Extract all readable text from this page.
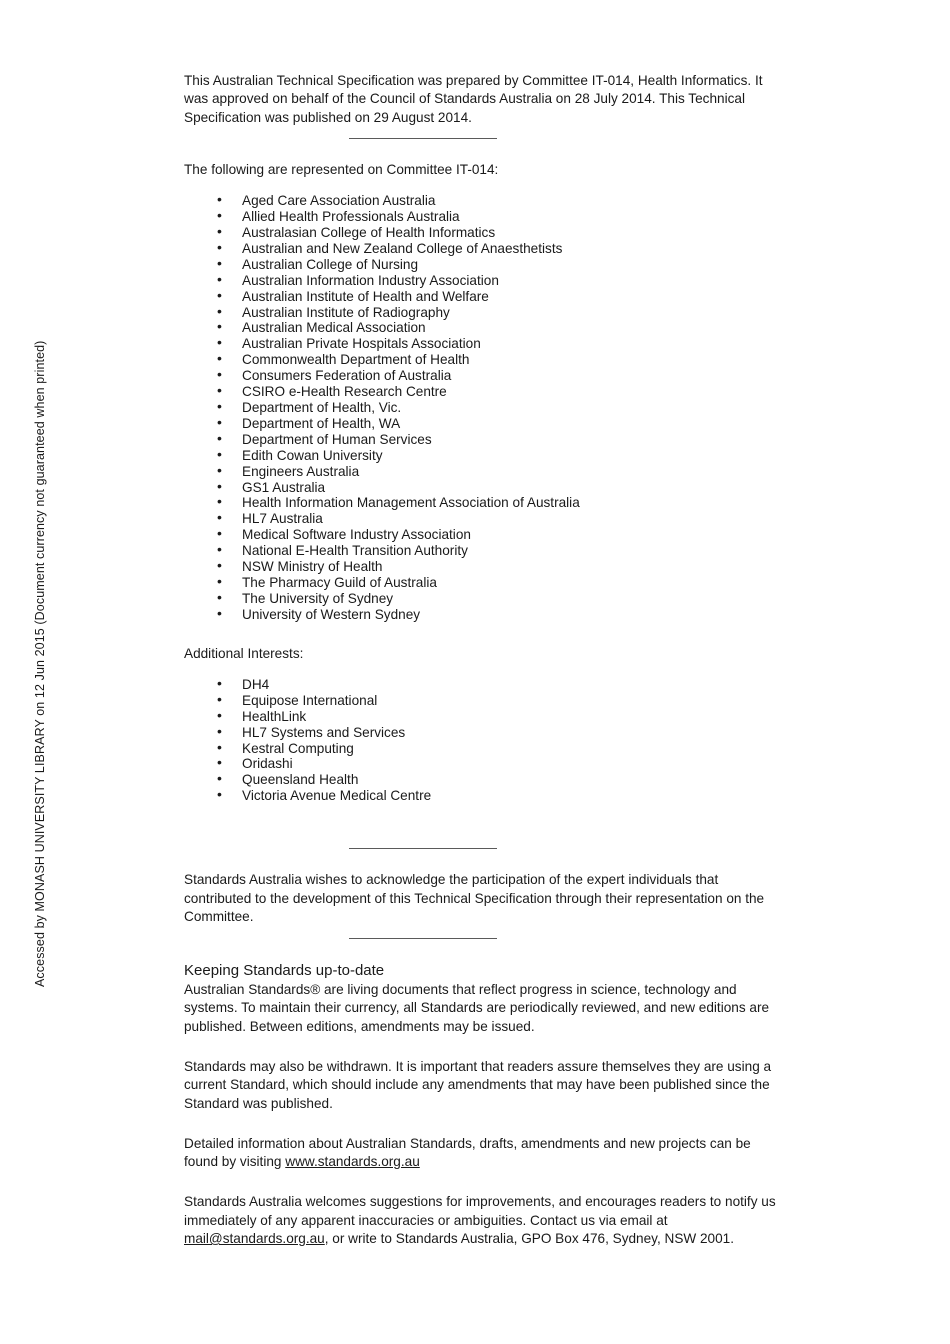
Accessed by MONASH UNIVERSITY LIBRARY on 12 Jun 2015 (Document currency not guaranteed when printed)

This Australian Technical Specification was prepared by Committee IT-014, Health Informatics. It was approved on behalf of the Council of Standards Australia on 28 July 2014. This Technical Specification was published on 29 August 2014.

The following are represented on Committee IT-014:

• Aged Care Association Australia
• Allied Health Professionals Australia
• Australasian College of Health Informatics
• Australian and New Zealand College of Anaesthetists
• Australian College of Nursing
• Australian Information Industry Association
• Australian Institute of Health and Welfare
• Australian Institute of Radiography
• Australian Medical Association
• Australian Private Hospitals Association
• Commonwealth Department of Health
• Consumers Federation of Australia
• CSIRO e-Health Research Centre
• Department of Health, Vic.
• Department of Health, WA
• Department of Human Services
• Edith Cowan University
• Engineers Australia
• GS1 Australia
• Health Information Management Association of Australia
• HL7 Australia
• Medical Software Industry Association
• National E-Health Transition Authority
• NSW Ministry of Health
• The Pharmacy Guild of Australia
• The University of Sydney
• University of Western Sydney

Additional Interests:

• DH4
• Equipose International
• HealthLink
• HL7 Systems and Services
• Kestral Computing
• Oridashi
• Queensland Health
• Victoria Avenue Medical Centre

Standards Australia wishes to acknowledge the participation of the expert individuals that contributed to the development of this Technical Specification through their representation on the Committee.

Keeping Standards up-to-date

Australian Standards® are living documents that reflect progress in science, technology and systems. To maintain their currency, all Standards are periodically reviewed, and new editions are published. Between editions, amendments may be issued.

Standards may also be withdrawn. It is important that readers assure themselves they are using a current Standard, which should include any amendments that may have been published since the Standard was published.

Detailed information about Australian Standards, drafts, amendments and new projects can be found by visiting www.standards.org.au

Standards Australia welcomes suggestions for improvements, and encourages readers to notify us immediately of any apparent inaccuracies or ambiguities. Contact us via email at mail@standards.org.au, or write to Standards Australia, GPO Box 476, Sydney, NSW 2001.
